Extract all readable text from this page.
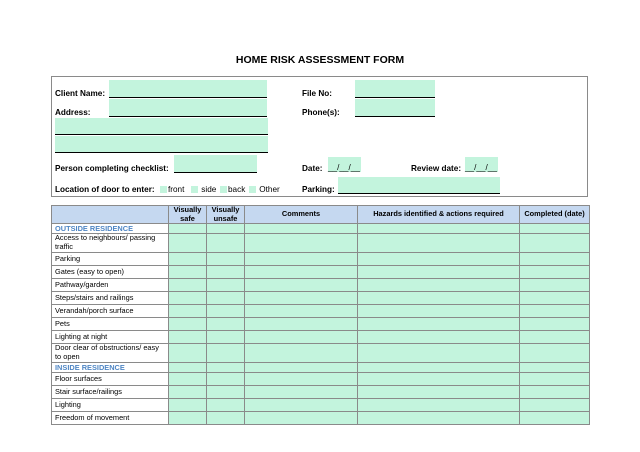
HOME RISK ASSESSMENT FORM
Client Name:	File No:
Address:	Phone(s):
Person completing checklist:	Date: __/__/__	Review date: __/__/__
Location of door to enter:	front	side	back	Other	Parking:
	Visually safe	Visually unsafe	Comments	Hazards identified & actions required	Completed (date)
OUTSIDE RESIDENCE					
Access to neighbours/ passing traffic					
Parking					
Gates (easy to open)					
Pathway/garden					
Steps/stairs and railings					
Verandah/porch surface					
Pets					
Lighting at night					
Door clear of obstructions/ easy to open					
INSIDE RESIDENCE					
Floor surfaces					
Stair surface/railings					
Lighting					
Freedom of movement					
